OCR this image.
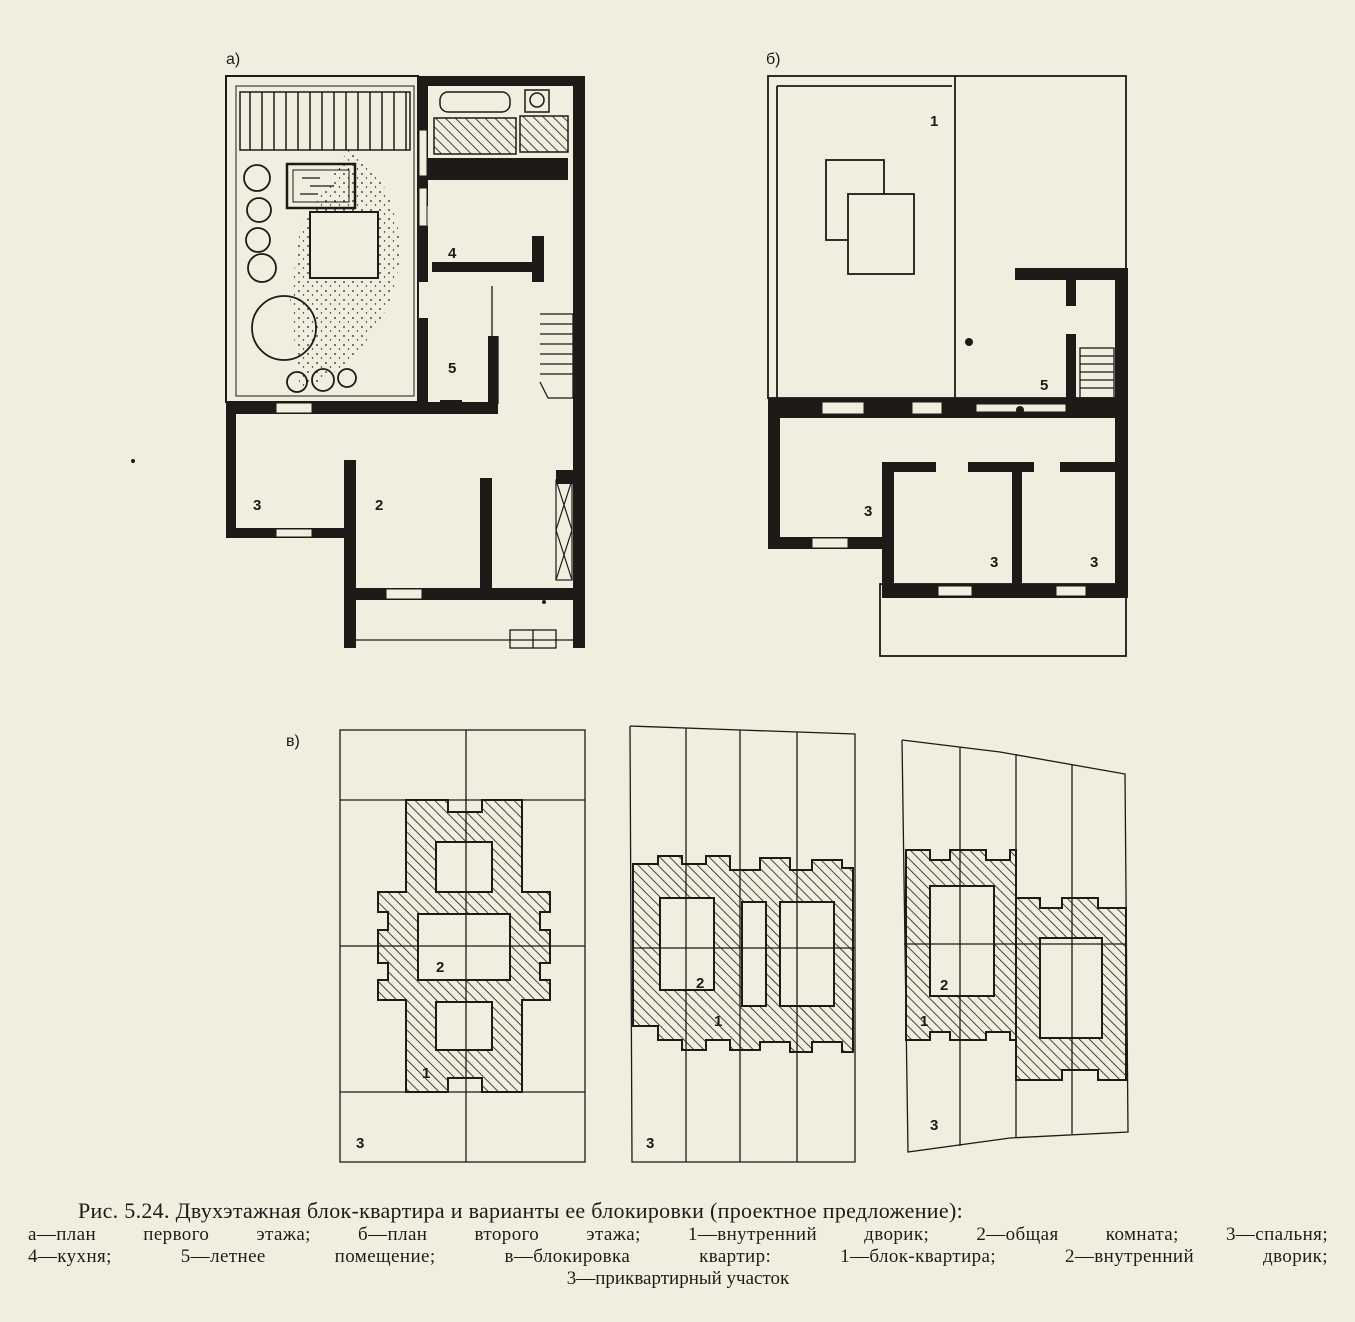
а)
4
5
3	2
б)
1
5
3
3	3
в)
2
1
3
2
1
3
2
1
3
Рис. 5.24. Двухэтажная блок-квартира и варианты ее блокировки (проектное предложение):
а—план первого этажа; б—план второго этажа; 1—внутренний дворик; 2—общая комната; 3—спальня;
4—кухня; 5—летнее помещение; в—блокировка квартир: 1—блок-квартира; 2—внутренний дворик;
3—приквартирный участок
